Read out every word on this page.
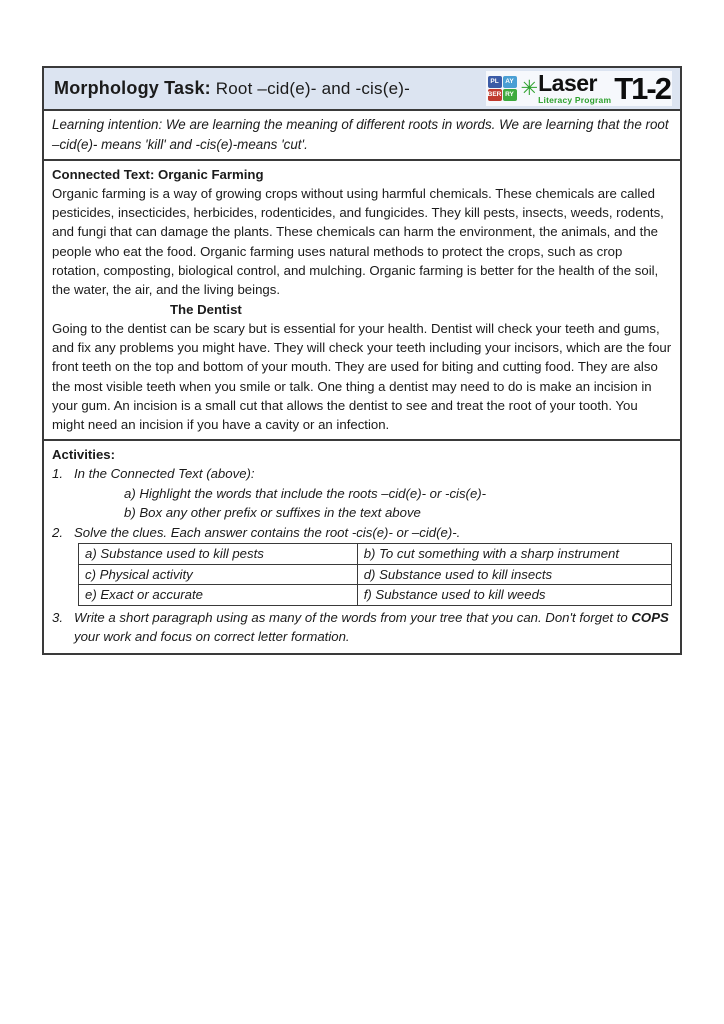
Morphology Task: Root –cid(e)- and -cis(e)-	PL	AY
BER RY ✳ Laser
Literacy Program T1-2
Learning intention: We are learning the meaning of different roots in words. We are learning that the root –cid(e)- means 'kill' and -cis(e)-means 'cut'.
Connected Text: Organic Farming

Organic farming is a way of growing crops without using harmful chemicals. These chemicals are called pesticides, insecticides, herbicides, rodenticides, and fungicides. They kill pests, insects, weeds, rodents, and fungi that can damage the plants. These chemicals can harm the environment, the animals, and the people who eat the food. Organic farming uses natural methods to protect the crops, such as crop rotation, composting, biological control, and mulching. Organic farming is better for the health of the soil, the water, the air, and the living beings.

The Dentist

Going to the dentist can be scary but is essential for your health. Dentist will check your teeth and gums, and fix any problems you might have. They will check your teeth including your incisors, which are the four front teeth on the top and bottom of your mouth. They are used for biting and cutting food. They are also the most visible teeth when you smile or talk. One thing a dentist may need to do is make an incision in your gum. An incision is a small cut that allows the dentist to see and treat the root of your tooth. You might need an incision if you have a cavity or an infection.

Activities:
1. In the Connected Text (above):
a) Highlight the words that include the roots –cid(e)- or -cis(e)-
b) Box any other prefix or suffixes in the text above
2. Solve the clues. Each answer contains the root -cis(e)- or –cid(e)-.
a) Substance used to kill pests	b) To cut something with a sharp instrument
c) Physical activity	d) Substance used to kill insects
e) Exact or accurate	f) Substance used to kill weeds
3. Write a short paragraph using as many of the words from your tree that you can. Don't forget to COPS your work and focus on correct letter formation.
